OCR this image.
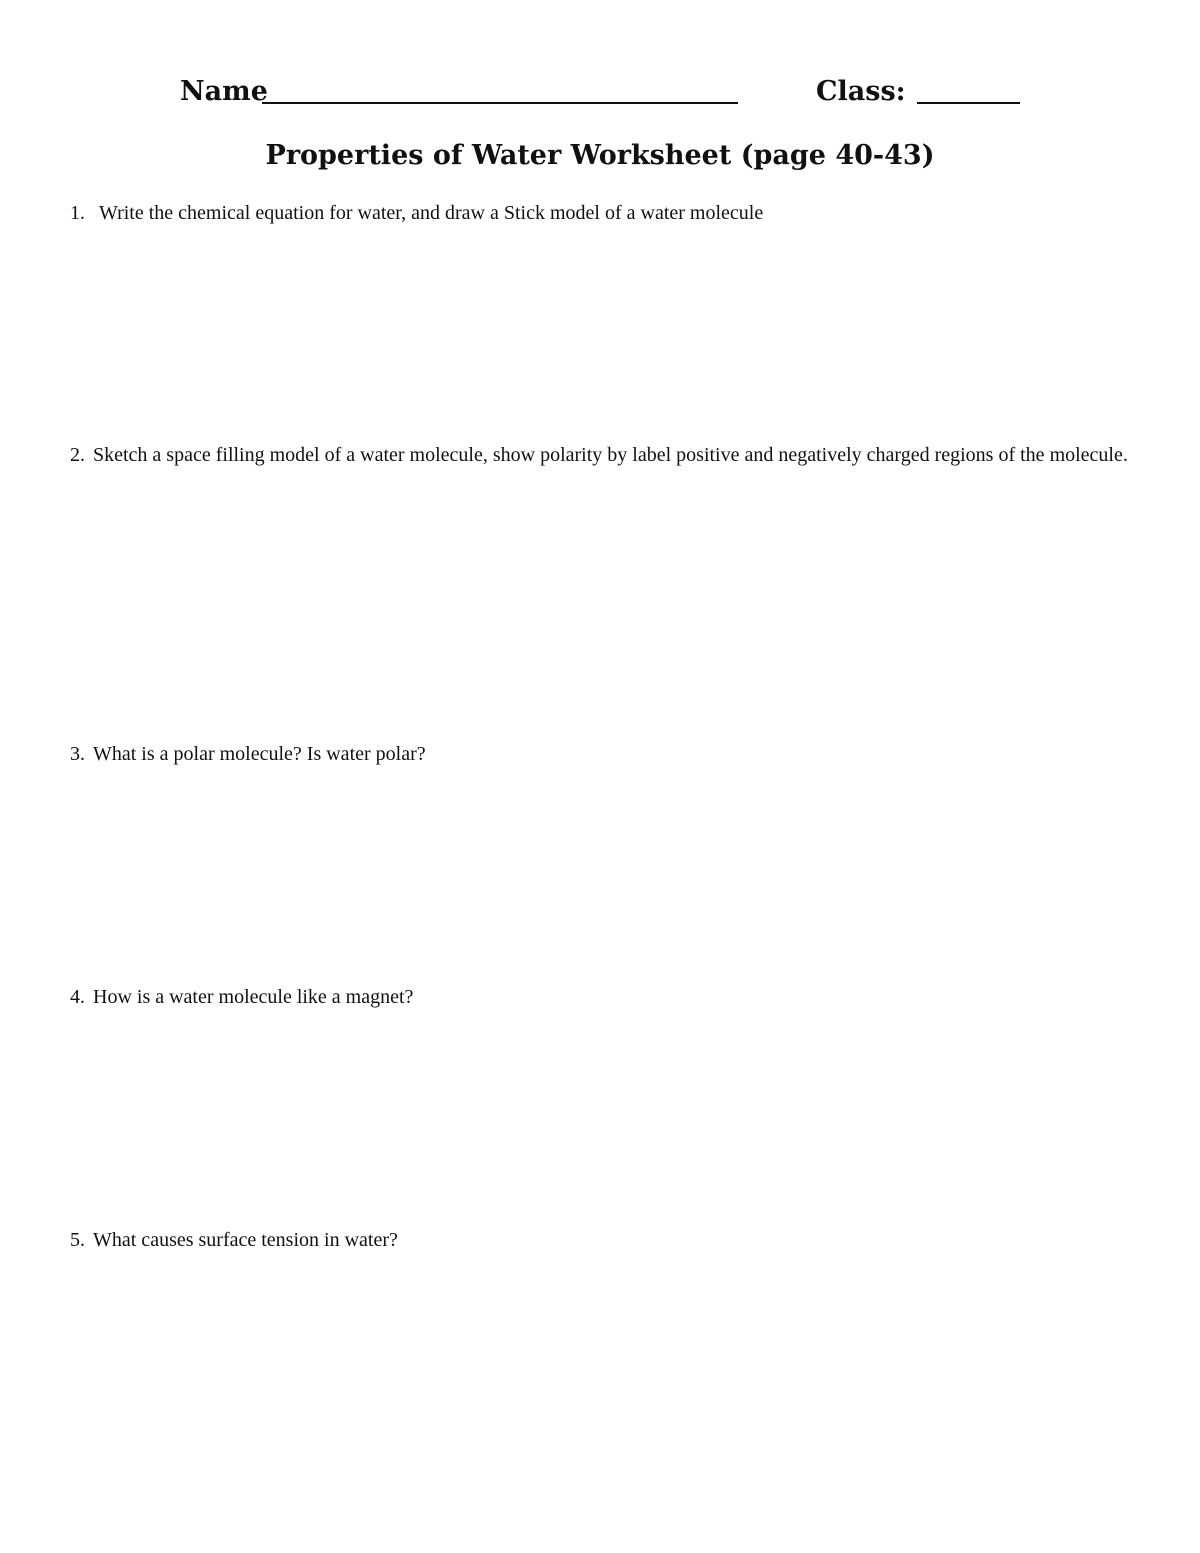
Name	Class:
Properties of Water Worksheet (page 40-43)
1. Write the chemical equation for water, and draw a Stick model of a water molecule
2. Sketch a space filling model of a water molecule, show polarity by label positive and negatively charged regions of the molecule.
3. What is a polar molecule? Is water polar?
4. How is a water molecule like a magnet?
5. What causes surface tension in water?
